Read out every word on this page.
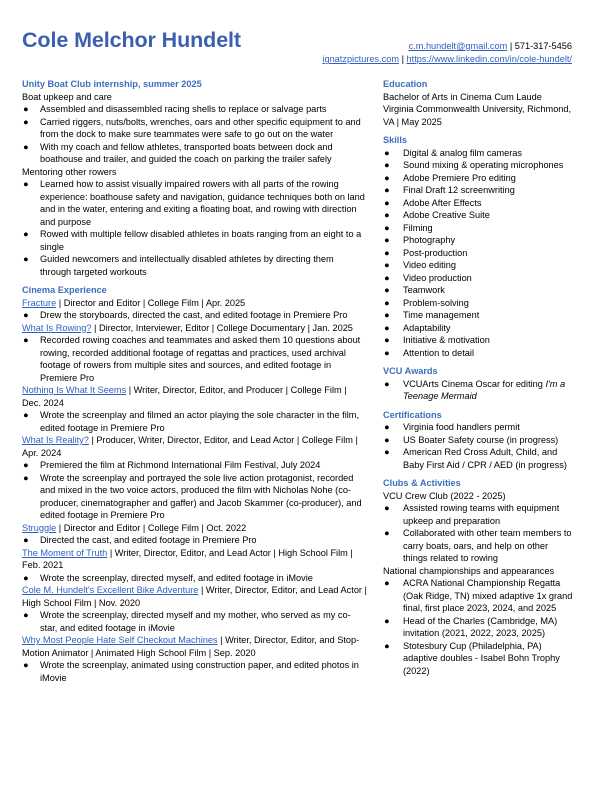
Cole Melchor Hundelt	c.m.hundelt@gmail.com | 571-317-5456
ignatzpictures.com | https://www.linkedin.com/in/cole-hundelt/
Unity Boat Club internship, summer 2025
Boat upkeep and care
● Assembled and disassembled racing shells to replace or salvage parts
● Carried riggers, nuts/bolts, wrenches, oars and other specific equipment to and from the dock to make sure teammates were safe to go out on the water
● With my coach and fellow athletes, transported boats between dock and boathouse and trailer, and guided the coach on parking the trailer safely
Mentoring other rowers
● Learned how to assist visually impaired rowers with all parts of the rowing experience: boathouse safety and navigation, guidance techniques both on land and in the water, entering and exiting a floating boat, and rowing with direction and purpose
● Rowed with multiple fellow disabled athletes in boats ranging from an eight to a single
● Guided newcomers and intellectually disabled athletes by directing them through targeted workouts
Cinema Experience
Fracture | Director and Editor | College Film | Apr. 2025
● Drew the storyboards, directed the cast, and edited footage in Premiere Pro
What Is Rowing? | Director, Interviewer, Editor | College Documentary | Jan. 2025
● Recorded rowing coaches and teammates and asked them 10 questions about rowing, recorded additional footage of regattas and practices, used archival footage of rowers from multiple sites and sources, and edited footage in Premiere Pro
Nothing Is What It Seems | Writer, Director, Editor, and Producer | College Film | Dec. 2024
● Wrote the screenplay and filmed an actor playing the sole character in the film, edited footage in Premiere Pro
What Is Reality? | Producer, Writer, Director, Editor, and Lead Actor | College Film | Apr. 2024
● Premiered the film at Richmond International Film Festival, July 2024
● Wrote the screenplay and portrayed the sole live action protagonist, recorded and mixed in the two voice actors, produced the film with Nicholas Nohe (co-producer, cinematographer and gaffer) and Jacob Skammer (co-producer), and edited footage in Premiere Pro
Struggle | Director and Editor | College Film | Oct. 2022
● Directed the cast, and edited footage in Premiere Pro
The Moment of Truth | Writer, Director, Editor, and Lead Actor | High School Film | Feb. 2021
● Wrote the screenplay, directed myself, and edited footage in iMovie
Cole M. Hundelt's Excellent Bike Adventure | Writer, Director, Editor, and Lead Actor | High School Film | Nov. 2020
● Wrote the screenplay, directed myself and my mother, who served as my co-star, and edited footage in iMovie
Why Most People Hate Self Checkout Machines | Writer, Director, Editor, and Stop-Motion Animator | Animated High School Film | Sep. 2020
● Wrote the screenplay, animated using construction paper, and edited photos in iMovie
Education
Bachelor of Arts in Cinema Cum Laude Virginia Commonwealth University, Richmond, VA | May 2025
Skills
● Digital & analog film cameras
● Sound mixing & operating microphones
● Adobe Premiere Pro editing
● Final Draft 12 screenwriting
● Adobe After Effects
● Adobe Creative Suite
● Filming
● Photography
● Post-production
● Video editing
● Video production
● Teamwork
● Problem-solving
● Time management
● Adaptability
● Initiative & motivation
● Attention to detail
VCU Awards
● VCUArts Cinema Oscar for editing I'm a Teenage Mermaid
Certifications
● Virginia food handlers permit
● US Boater Safety course (in progress)
● American Red Cross Adult, Child, and Baby First Aid / CPR / AED (in progress)
Clubs & Activities
VCU Crew Club (2022 - 2025)
● Assisted rowing teams with equipment upkeep and preparation
● Collaborated with other team members to carry boats, oars, and help on other things related to rowing
National championships and appearances
● ACRA National Championship Regatta (Oak Ridge, TN) mixed adaptive 1x grand final, first place 2023, 2024, and 2025
● Head of the Charles (Cambridge, MA) invitation (2021, 2022, 2023, 2025)
● Stotesbury Cup (Philadelphia, PA) adaptive doubles - Isabel Bohn Trophy (2022)
